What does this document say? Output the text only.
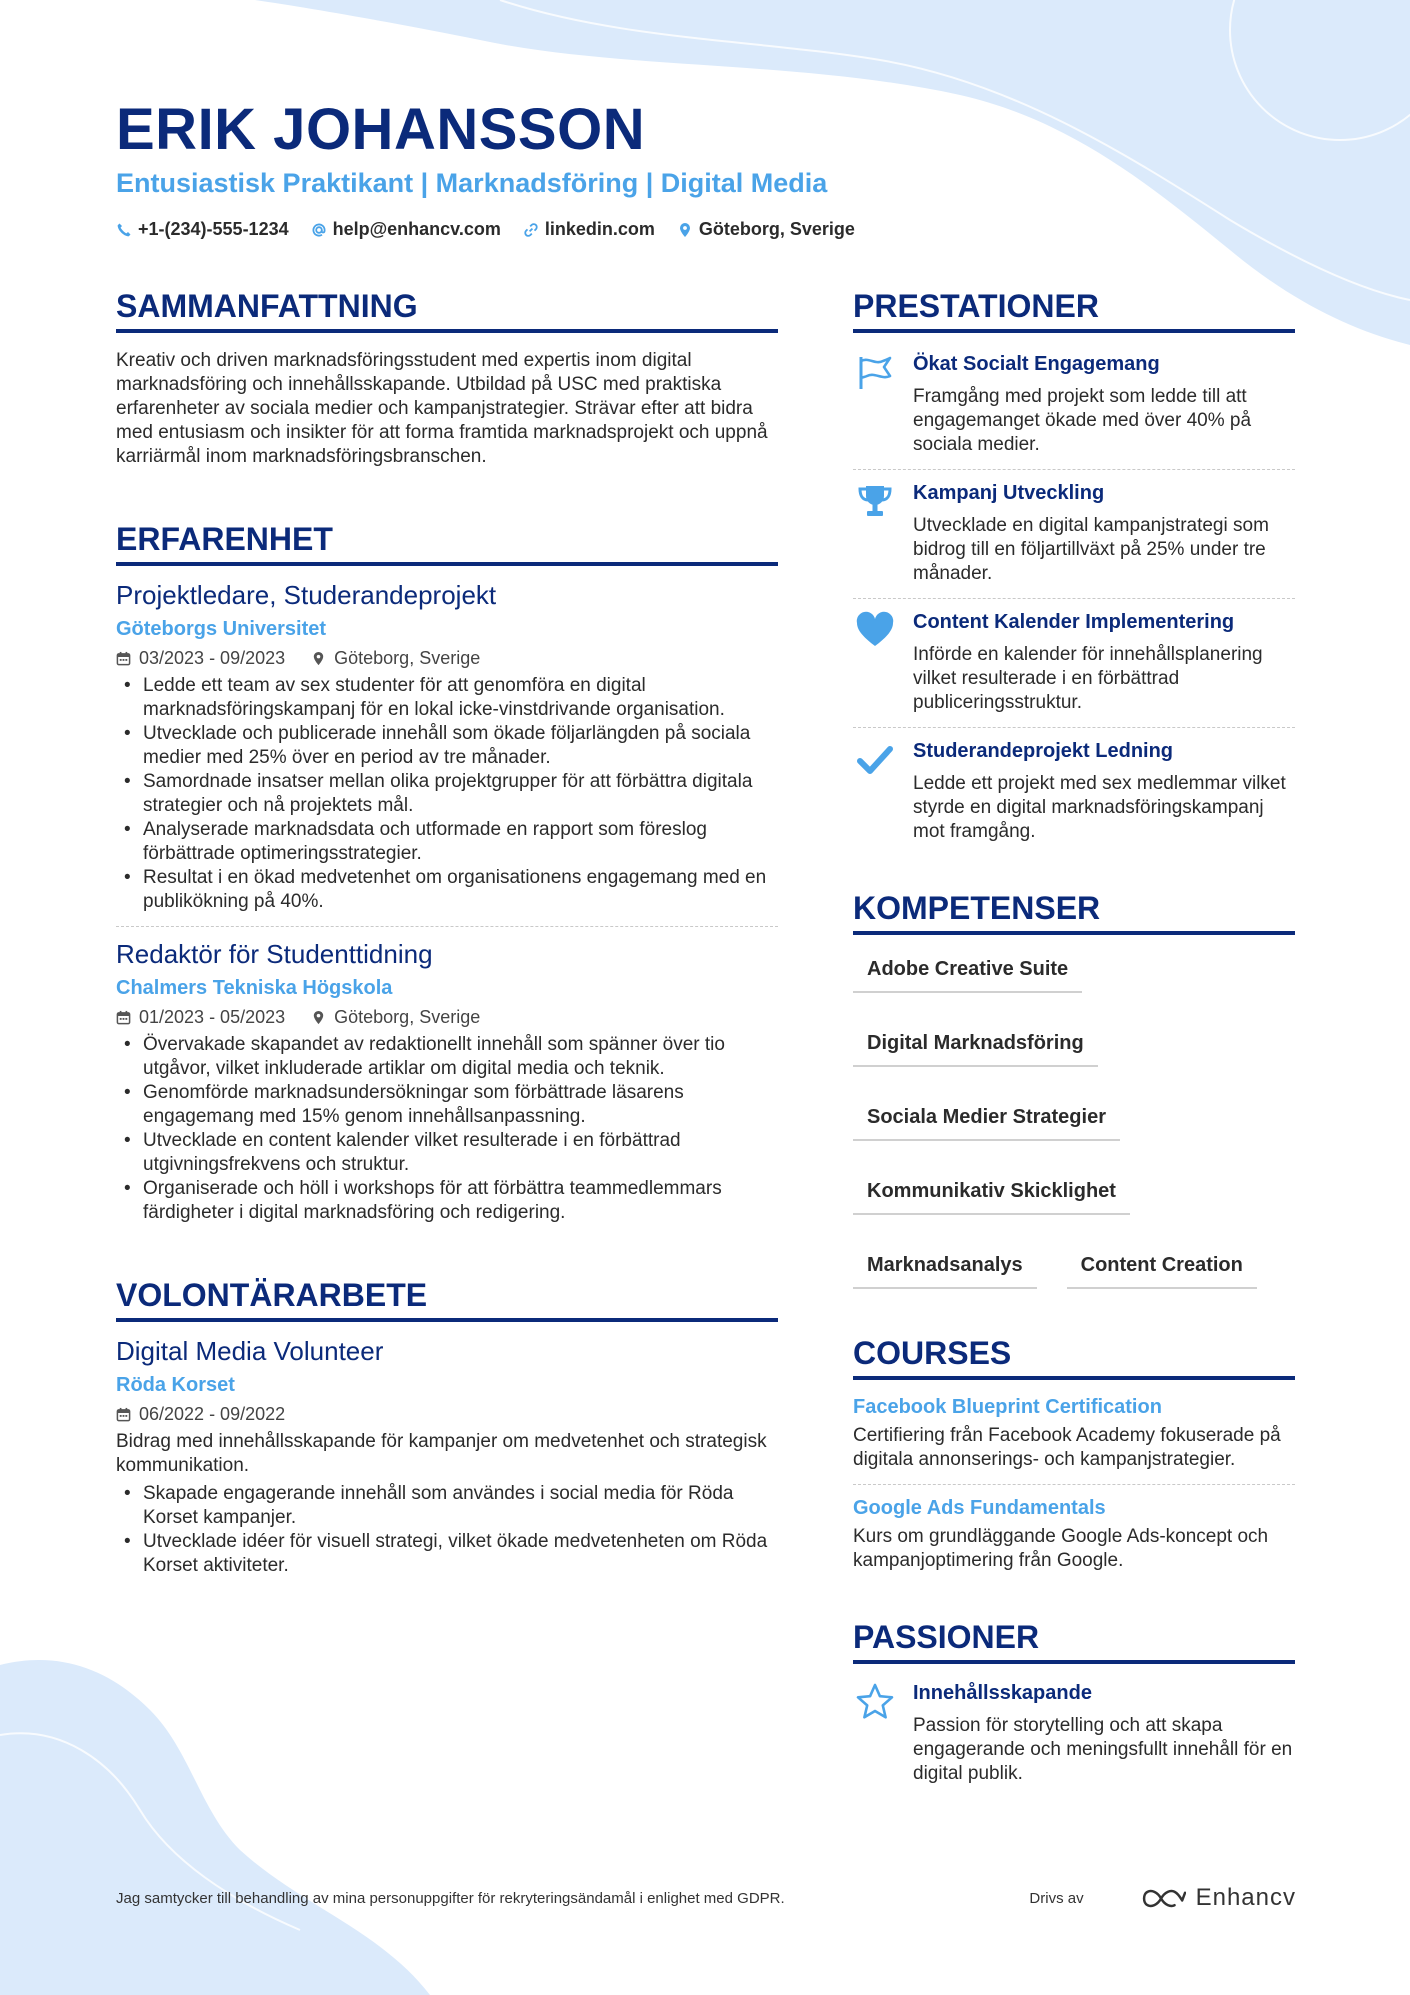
ERIK JOHANSSON
Entusiastisk Praktikant | Marknadsföring | Digital Media
+1-(234)-555-1234 help@enhancv.com linkedin.com Göteborg, Sverige
SAMMANFATTNING
Kreativ och driven marknadsföringsstudent med expertis inom digital marknadsföring och innehållsskapande. Utbildad på USC med praktiska erfarenheter av sociala medier och kampanjstrategier. Strävar efter att bidra med entusiasm och insikter för att forma framtida marknadsprojekt och uppnå karriärmål inom marknadsföringsbranschen.
ERFARENHET
Projektledare, Studerandeprojekt
Göteborgs Universitet
03/2023 - 09/2023	Göteborg, Sverige
• Ledde ett team av sex studenter för att genomföra en digital marknadsföringskampanj för en lokal icke-vinstdrivande organisation.
• Utvecklade och publicerade innehåll som ökade följarlängden på sociala medier med 25% över en period av tre månader.
• Samordnade insatser mellan olika projektgrupper för att förbättra digitala strategier och nå projektets mål.
• Analyserade marknadsdata och utformade en rapport som föreslog förbättrade optimeringsstrategier.
• Resultat i en ökad medvetenhet om organisationens engagemang med en publikökning på 40%.
Redaktör för Studenttidning
Chalmers Tekniska Högskola
01/2023 - 05/2023	Göteborg, Sverige
• Övervakade skapandet av redaktionellt innehåll som spänner över tio utgåvor, vilket inkluderade artiklar om digital media och teknik.
• Genomförde marknadsundersökningar som förbättrade läsarens engagemang med 15% genom innehållsanpassning.
• Utvecklade en content kalender vilket resulterade i en förbättrad utgivningsfrekvens och struktur.
• Organiserade och höll i workshops för att förbättra teammedlemmars färdigheter i digital marknadsföring och redigering.
VOLONTÄRARBETE
Digital Media Volunteer
Röda Korset
06/2022 - 09/2022
Bidrag med innehållsskapande för kampanjer om medvetenhet och strategisk kommunikation.
• Skapade engagerande innehåll som användes i social media för Röda Korset kampanjer.
• Utvecklade idéer för visuell strategi, vilket ökade medvetenheten om Röda Korset aktiviteter.
PRESTATIONER
Ökat Socialt Engagemang
Framgång med projekt som ledde till att engagemanget ökade med över 40% på sociala medier.
Kampanj Utveckling
Utvecklade en digital kampanjstrategi som bidrog till en följartillväxt på 25% under tre månader.
Content Kalender Implementering
Införde en kalender för innehållsplanering vilket resulterade i en förbättrad publiceringsstruktur.
Studerandeprojekt Ledning
Ledde ett projekt med sex medlemmar vilket styrde en digital marknadsföringskampanj mot framgång.
KOMPETENSER
Adobe Creative Suite
Digital Marknadsföring
Sociala Medier Strategier
Kommunikativ Skicklighet
Marknadsanalys	Content Creation
COURSES
Facebook Blueprint Certification
Certifiering från Facebook Academy fokuserade på digitala annonserings- och kampanjstrategier.
Google Ads Fundamentals
Kurs om grundläggande Google Ads-koncept och kampanjoptimering från Google.
PASSIONER
Innehållsskapande
Passion för storytelling och att skapa engagerande och meningsfullt innehåll för en digital publik.
Jag samtycker till behandling av mina personuppgifter för rekryteringsändamål i enlighet med GDPR.	Drivs av	Enhancv
